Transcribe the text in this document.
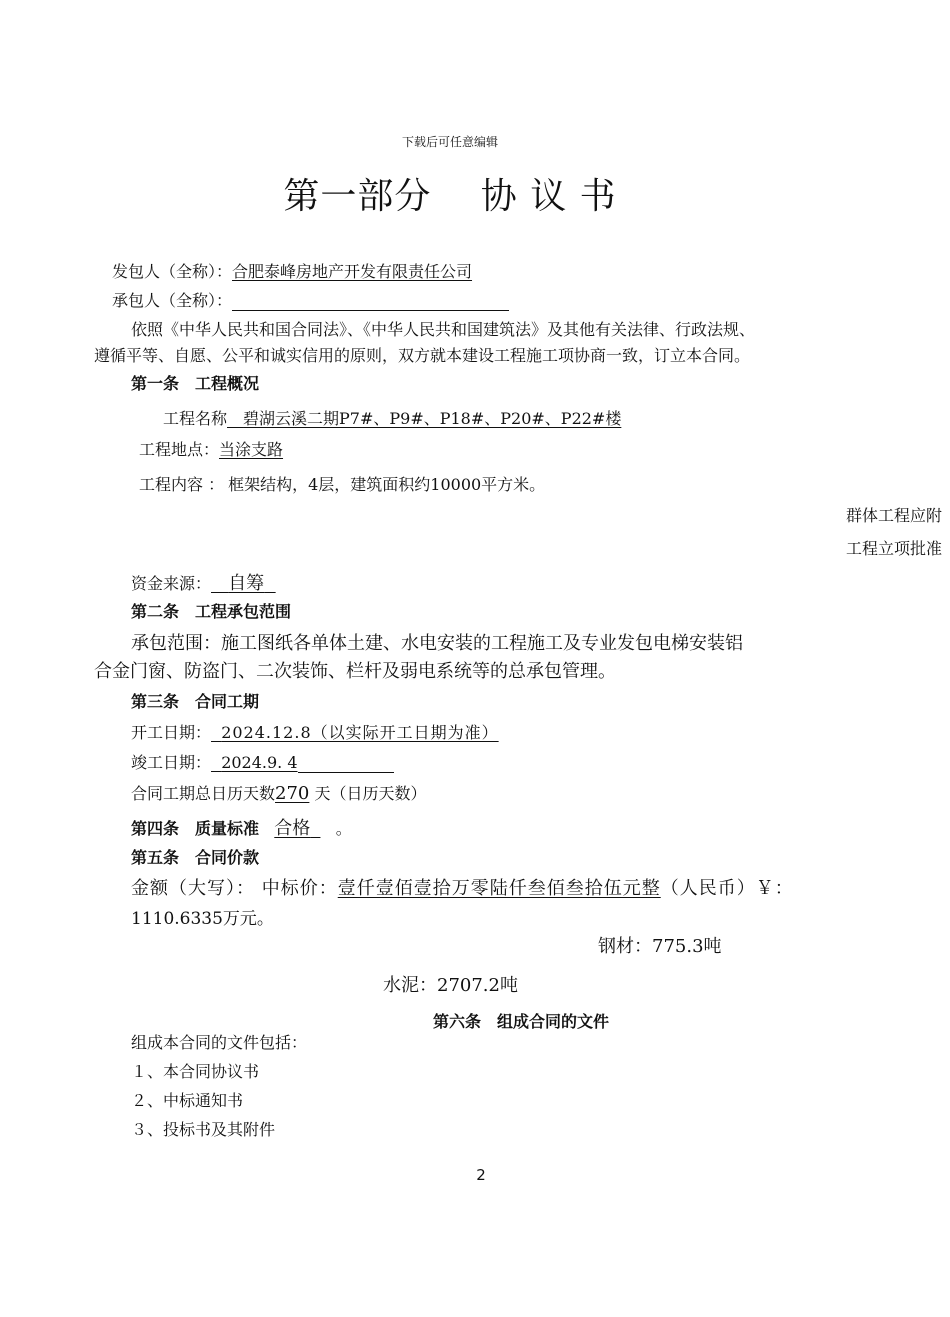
下载后可任意编辑
第一部分　 协 议 书
发包人（全称）：合肥泰峰房地产开发有限责任公司
承包人（全称）：
依照《中华人民共和国合同法》、《中华人民共和国建筑法》及其他有关法律、行政法规、
遵循平等、自愿、公平和诚实信用的原则，双方就本建设工程施工项协商一致，订立本合同。
第一条　工程概况
工程名称　 碧湖云溪二期P7#、P9#、P18#、P20#、P22#楼
工程地点：当涂支路
工程内容 ： 框架结构，4层，建筑面积约10000平方米。
群体工程应附
工程立项批准
资金来源： 自筹
第二条　工程承包范围
承包范围：施工图纸各单体土建、水电安装的工程施工及专业发包电梯安装铝
合金门窗、防盗门、二次装饰、栏杆及弱电系统等的总承包管理。
第三条　合同工期
开工日期： 2024.12.8（以实际开工日期为准）
竣工日期： 2024.9. 4
合同工期总日历天数270 天（日历天数）
第四条　质量标准 合格 。
第五条　合同价款
金额（大写）： 中标价：壹仟壹佰壹拾万零陆仟叁佰叁拾伍元整（人民币）￥：
1110.6335万元。
钢材：775.3吨
水泥：2707.2吨
第六条　组成合同的文件
组成本合同的文件包括：
１、本合同协议书
２、中标通知书
３、投标书及其附件
2
